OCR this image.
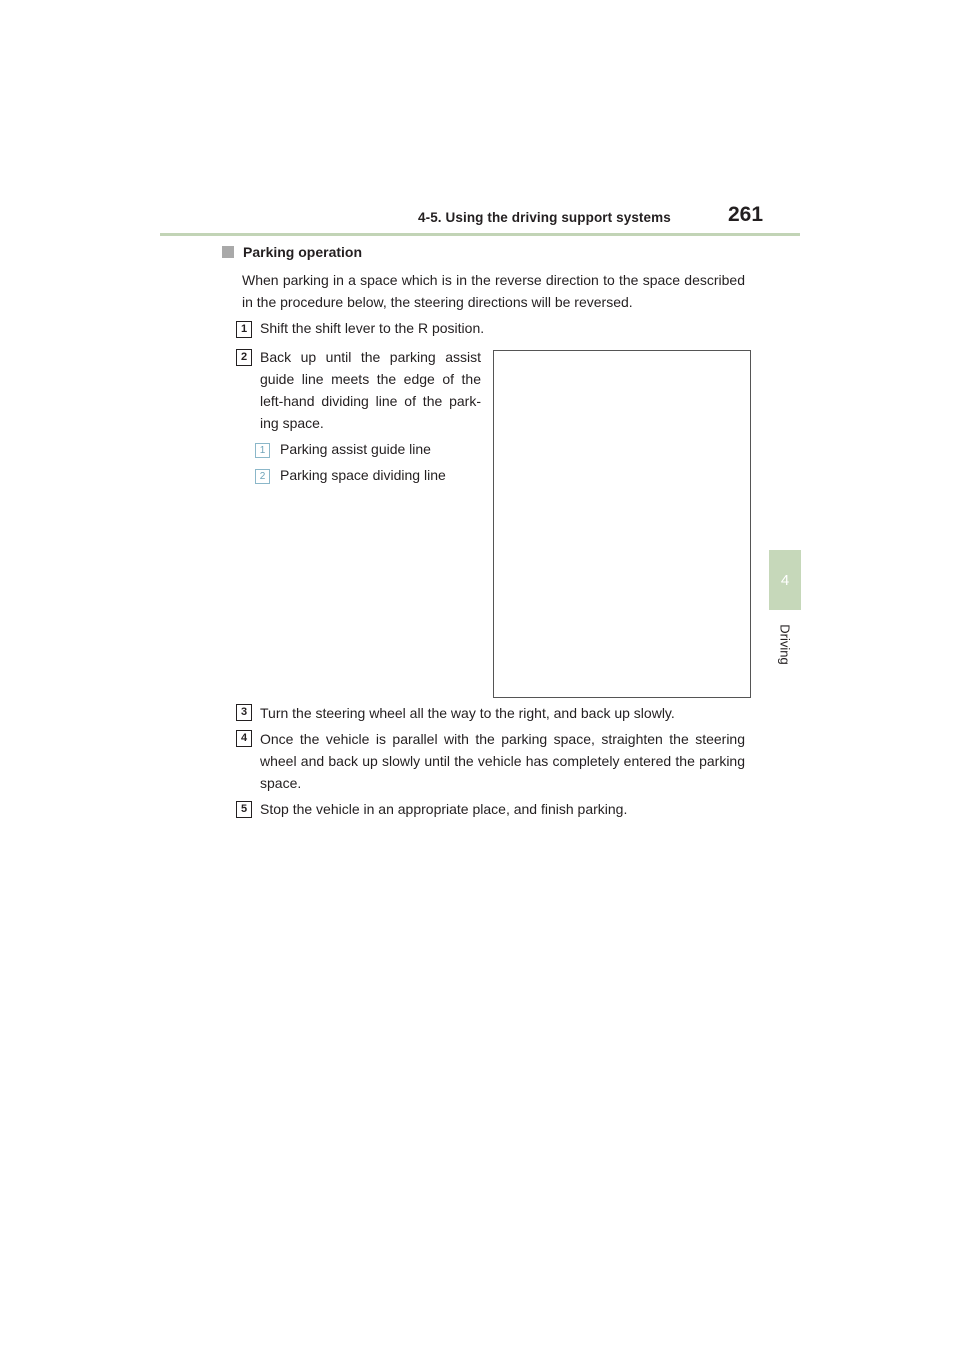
4-5. Using the driving support systems	261
4
Driving
Parking operation
When parking in a space which is in the reverse direction to the space described in the procedure below, the steering directions will be reversed.
1 Shift the shift lever to the R position.
2 Back up until the parking assist guide line meets the edge of the left-hand dividing line of the park-ing space.
1 Parking assist guide line
2 Parking space dividing line
3 Turn the steering wheel all the way to the right, and back up slowly.
4 Once the vehicle is parallel with the parking space, straighten the steering wheel and back up slowly until the vehicle has completely entered the parking space.
5 Stop the vehicle in an appropriate place, and finish parking.
